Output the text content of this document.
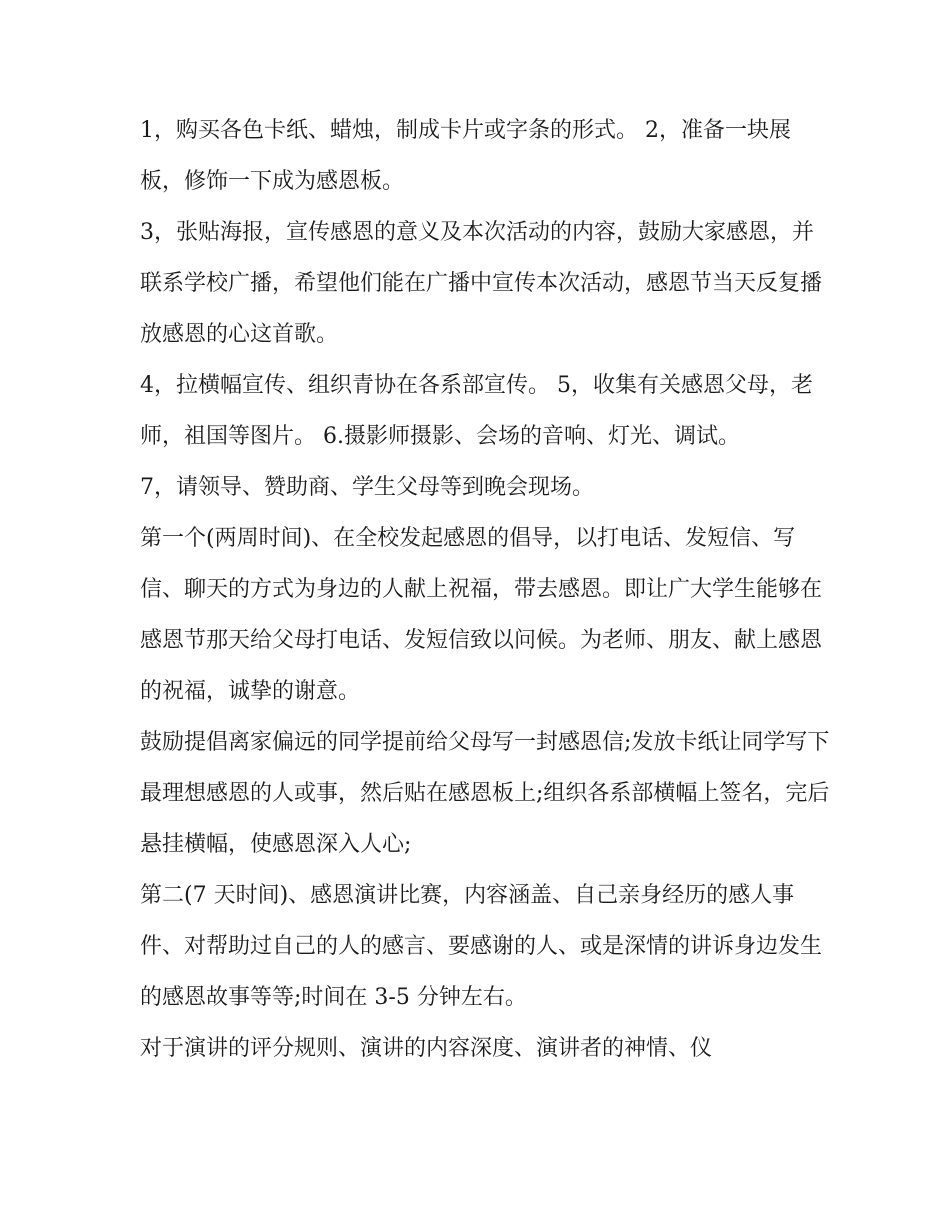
1，购买各色卡纸、蜡烛，制成卡片或字条的形式。 2，准备一块展板，修饰一下成为感恩板。

3，张贴海报，宣传感恩的意义及本次活动的内容，鼓励大家感恩，并联系学校广播，希望他们能在广播中宣传本次活动，感恩节当天反复播放感恩的心这首歌。

4，拉横幅宣传、组织青协在各系部宣传。 5，收集有关感恩父母，老师，祖国等图片。 6.摄影师摄影、会场的音响、灯光、调试。

7，请领导、赞助商、学生父母等到晚会现场。

第一个(两周时间)、在全校发起感恩的倡导，以打电话、发短信、写信、聊天的方式为身边的人献上祝福，带去感恩。即让广大学生能够在感恩节那天给父母打电话、发短信致以问候。为老师、朋友、献上感恩的祝福，诚挚的谢意。

鼓励提倡离家偏远的同学提前给父母写一封感恩信;发放卡纸让同学写下最理想感恩的人或事，然后贴在感恩板上;组织各系部横幅上签名，完后悬挂横幅，使感恩深入人心;

第二(7 天时间)、感恩演讲比赛，内容涵盖、自己亲身经历的感人事件、对帮助过自己的人的感言、要感谢的人、或是深情的讲诉身边发生的感恩故事等等;时间在 3-5 分钟左右。

对于演讲的评分规则、演讲的内容深度、演讲者的神情、仪
